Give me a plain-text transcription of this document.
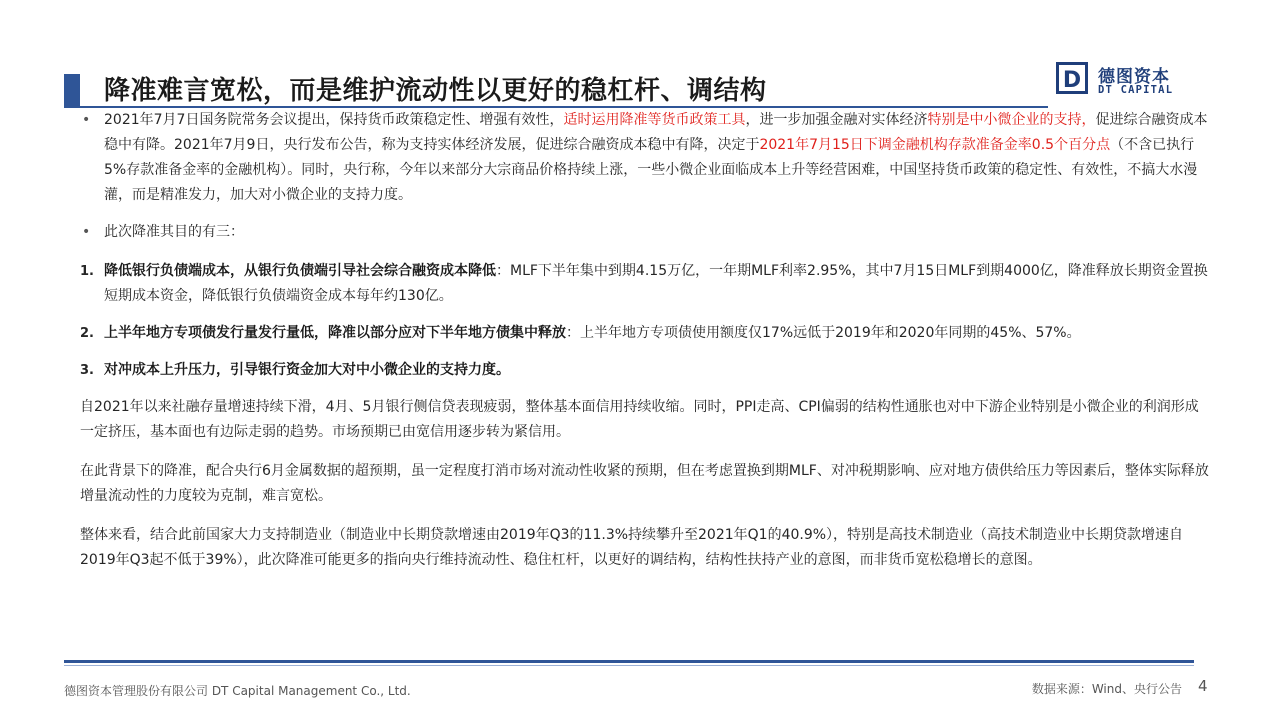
降准难言宽松，而是维护流动性以更好的稳杠杆、调结构	D 德图资本
DT CAPITAL

• 2021年7月7日国务院常务会议提出，保持货币政策稳定性、增强有效性，适时运用降准等货币政策工具，进一步加强金融对实体经济特别是中小微企业的支持，促进综合融资成本稳中有降。2021年7月9日，央行发布公告，称为支持实体经济发展，促进综合融资成本稳中有降，决定于2021年7月15日下调金融机构存款准备金率0.5个百分点（不含已执行5%存款准备金率的金融机构）。同时，央行称，今年以来部分大宗商品价格持续上涨，一些小微企业面临成本上升等经营困难，中国坚持货币政策的稳定性、有效性，不搞大水漫灌，而是精准发力，加大对小微企业的支持力度。

• 此次降准其目的有三：

1. 降低银行负债端成本，从银行负债端引导社会综合融资成本降低：MLF下半年集中到期4.15万亿，一年期MLF利率2.95%，其中7月15日MLF到期4000亿，降准释放长期资金置换短期成本资金，降低银行负债端资金成本每年约130亿。

2. 上半年地方专项债发行量发行量低，降准以部分应对下半年地方债集中释放：上半年地方专项债使用额度仅17%远低于2019年和2020年同期的45%、57%。

3. 对冲成本上升压力，引导银行资金加大对中小微企业的支持力度。

自2021年以来社融存量增速持续下滑，4月、5月银行侧信贷表现疲弱，整体基本面信用持续收缩。同时，PPI走高、CPI偏弱的结构性通胀也对中下游企业特别是小微企业的利润形成一定挤压，基本面也有边际走弱的趋势。市场预期已由宽信用逐步转为紧信用。

在此背景下的降准，配合央行6月金属数据的超预期，虽一定程度打消市场对流动性收紧的预期，但在考虑置换到期MLF、对冲税期影响、应对地方债供给压力等因素后，整体实际释放增量流动性的力度较为克制，难言宽松。

整体来看，结合此前国家大力支持制造业（制造业中长期贷款增速由2019年Q3的11.3%持续攀升至2021年Q1的40.9%），特别是高技术制造业（高技术制造业中长期贷款增速自2019年Q3起不低于39%），此次降准可能更多的指向央行维持流动性、稳住杠杆，以更好的调结构，结构性扶持产业的意图，而非货币宽松稳增长的意图。

德图资本管理股份有限公司 DT Capital Management Co., Ltd.	数据来源：Wind、央行公告 4
